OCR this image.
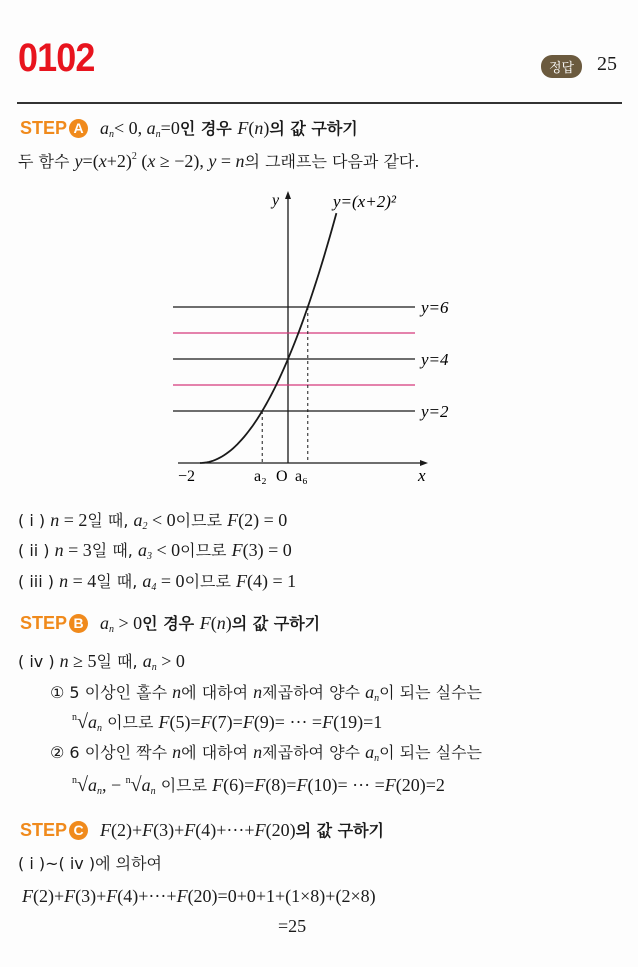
0102	정답	25
y=(x+2)²
y
x
−2	a₂ O a₆
y=6
y=4
y=2
STEP A $a_n< 0$, $a_n=0$인 경우 F(n)의 값 구하기
두 함수 $y=(x+2)^2$ (x ≥ −2), y = n의 그래프는 다음과 같다.
( i ) n = 2일 때, $a_2 < 0$이므로 F(2) = 0
( ii ) n = 3일 때, $a_3 < 0$이므로 F(3) = 0
( iii ) n = 4일 때, $a_4 = 0$이므로 F(4) = 1
STEP B $a_n > 0$인 경우 F(n)의 값 구하기
( iv ) n ≥ 5일 때, $a_n > 0$
① 5 이상인 홀수 n에 대하여 n제곱하여 양수 $a_n$이 되는 실수는
$^n√a_n$ 이므로 F(5)=F(7)=F(9)= ··· =F(19)=1
② 6 이상인 짝수 n에 대하여 n제곱하여 양수 $a_n$이 되는 실수는
$^n√a_n$, − $^n√a_n$ 이므로 F(6)=F(8)=F(10)= ··· =F(20)=2
STEP C F(2)+F(3)+F(4)+···+F(20)의 값 구하기
( i )~( iv )에 의하여
F(2)+F(3)+F(4)+···+F(20)=0+0+1+(1×8)+(2×8)
=25
